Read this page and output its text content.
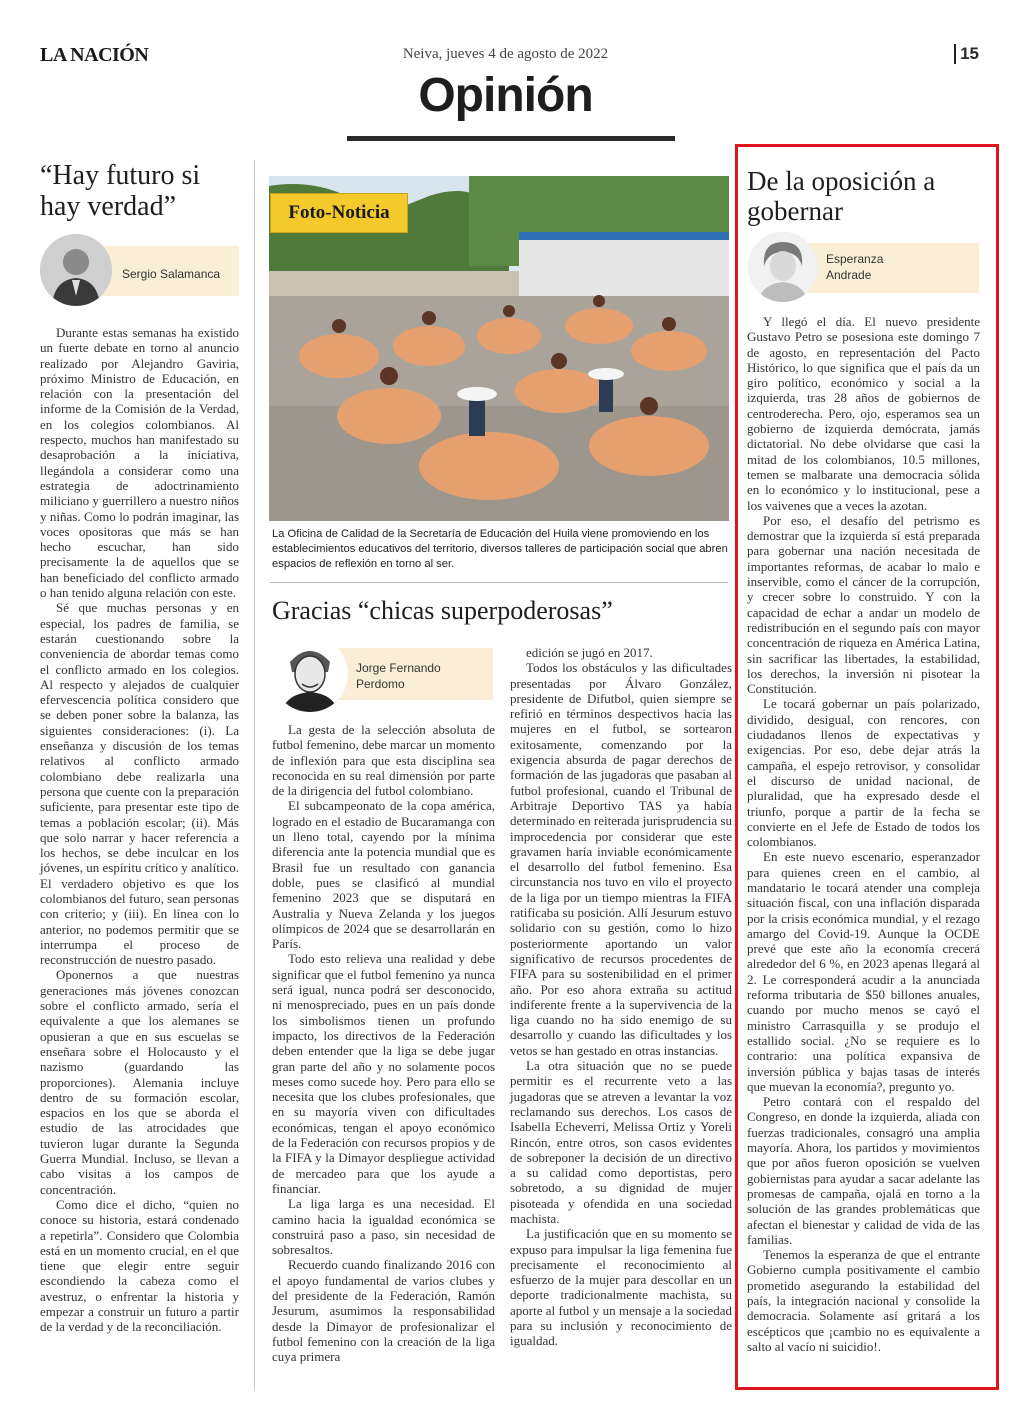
LA NACIÓN	Neiva, jueves 4 de agosto de 2022	15
Opinión
“Hay futuro si hay verdad”
Sergio Salamanca

Durante estas semanas ha existido un fuerte debate en torno al anuncio realizado por Alejandro Gaviria, próximo Ministro de Educación, en relación con la presentación del informe de la Comisión de la Verdad, en los colegios colombianos. Al respecto, muchos han manifestado su desaprobación a la iniciativa, llegándola a considerar como una estrategia de adoctrinamiento miliciano y guerrillero a nuestro niños y niñas. Como lo podrán imaginar, las voces opositoras que más se han hecho escuchar, han sido precisamente la de aquellos que se han beneficiado del conflicto armado o han tenido alguna relación con este.

Sé que muchas personas y en especial, los padres de familia, se estarán cuestionando sobre la conveniencia de abordar temas como el conflicto armado en los colegios. Al respecto y alejados de cualquier efervescencia política considero que se deben poner sobre la balanza, las siguientes consideraciones: (i). La enseñanza y discusión de los temas relativos al conflicto armado colombiano debe realizarla una persona que cuente con la preparación suficiente, para presentar este tipo de temas a población escolar; (ii). Más que solo narrar y hacer referencia a los hechos, se debe inculcar en los jóvenes, un espíritu crítico y analítico. El verdadero objetivo es que los colombianos del futuro, sean personas con criterio; y (iii). En línea con lo anterior, no podemos permitir que se interrumpa el proceso de reconstrucción de nuestro pasado.

Oponernos a que nuestras generaciones más jóvenes conozcan sobre el conflicto armado, sería el equivalente a que los alemanes se opusieran a que en sus escuelas se enseñara sobre el Holocausto y el nazismo (guardando las proporciones). Alemania incluye dentro de su formación escolar, espacios en los que se aborda el estudio de las atrocidades que tuvieron lugar durante la Segunda Guerra Mundial. Incluso, se llevan a cabo visitas a los campos de concentración.

Como dice el dicho, “quien no conoce su historia, estará condenado a repetirla”. Considero que Colombia está en un momento crucial, en el que tiene que elegir entre seguir escondiendo la cabeza como el avestruz, o enfrentar la historia y empezar a construir un futuro a partir de la verdad y de la reconciliación.

Foto-Noticia
La Oficina de Calidad de la Secretaría de Educación del Huila viene promoviendo en los establecimientos educativos del territorio, diversos talleres de participación social que abren espacios de reflexión en torno al ser.
Gracias “chicas superpoderosas”
Jorge Fernando
Perdomo

La gesta de la selección absoluta de futbol femenino, debe marcar un momento de inflexión para que esta disciplina sea reconocida en su real dimensión por parte de la dirigencia del futbol colombiano.

El subcampeonato de la copa américa, logrado en el estadio de Bucaramanga con un lleno total, cayendo por la mínima diferencia ante la potencia mundial que es Brasil fue un resultado con ganancia doble, pues se clasificó al mundial femenino 2023 que se disputará en Australia y Nueva Zelanda y los juegos olímpicos de 2024 que se desarrollarán en París.

Todo esto relieva una realidad y debe significar que el futbol femenino ya nunca será igual, nunca podrá ser desconocido, ni menospreciado, pues en un país donde los simbolismos tienen un profundo impacto, los directivos de la Federación deben entender que la liga se debe jugar gran parte del año y no solamente pocos meses como sucede hoy. Pero para ello se necesita que los clubes profesionales, que en su mayoría viven con dificultades económicas, tengan el apoyo económico de la Federación con recursos propios y de la FIFA y la Dimayor despliegue actividad de mercadeo para que los ayude a financiar.

La liga larga es una necesidad. El camino hacia la igualdad económica se construirá paso a paso, sin necesidad de sobresaltos.

Recuerdo cuando finalizando 2016 con el apoyo fundamental de varios clubes y del presidente de la Federación, Ramón Jesurum, asumimos la responsabilidad desde la Dimayor de profesionalizar el futbol femenino con la creación de la liga cuya primera

edición se jugó en 2017.

Todos los obstáculos y las dificultades presentadas por Álvaro González, presidente de Difutbol, quien siempre se refirió en términos despectivos hacia las mujeres en el futbol, se sortearon exitosamente, comenzando por la exigencia absurda de pagar derechos de formación de las jugadoras que pasaban al futbol profesional, cuando el Tribunal de Arbitraje Deportivo TAS ya había determinado en reiterada jurisprudencia su improcedencia por considerar que este gravamen haría inviable económicamente el desarrollo del futbol femenino. Esa circunstancia nos tuvo en vilo el proyecto de la liga por un tiempo mientras la FIFA ratificaba su posición. Allí Jesurum estuvo solidario con su gestión, como lo hizo posteriormente aportando un valor significativo de recursos procedentes de FIFA para su sostenibilidad en el primer año. Por eso ahora extraña su actitud indiferente frente a la supervivencia de la liga cuando no ha sido enemigo de su desarrollo y cuando las dificultades y los vetos se han gestado en otras instancias.

La otra situación que no se puede permitir es el recurrente veto a las jugadoras que se atreven a levantar la voz reclamando sus derechos. Los casos de Isabella Echeverri, Melissa Ortiz y Yoreli Rincón, entre otros, son casos evidentes de sobreponer la decisión de un directivo a su calidad como deportistas, pero sobretodo, a su dignidad de mujer pisoteada y ofendida en una sociedad machista.

La justificación que en su momento se expuso para impulsar la liga femenina fue precisamente el reconocimiento al esfuerzo de la mujer para descollar en un deporte tradicionalmente machista, su aporte al futbol y un mensaje a la sociedad para su inclusión y reconocimiento de igualdad.

De la oposición a gobernar
Esperanza
Andrade

Y llegó el día. El nuevo presidente Gustavo Petro se posesiona este domingo 7 de agosto, en representación del Pacto Histórico, lo que significa que el país da un giro político, económico y social a la izquierda, tras 28 años de gobiernos de centroderecha. Pero, ojo, esperamos sea un gobierno de izquierda demócrata, jamás dictatorial. No debe olvidarse que casi la mitad de los colombianos, 10.5 millones, temen se malbarate una democracia sólida en lo económico y lo institucional, pese a los vaivenes que a veces la azotan.

Por eso, el desafío del petrismo es demostrar que la izquierda sí está preparada para gobernar una nación necesitada de importantes reformas, de acabar lo malo e inservible, como el cáncer de la corrupción, y crecer sobre lo construido. Y con la capacidad de echar a andar un modelo de redistribución en el segundo país con mayor concentración de riqueza en América Latina, sin sacrificar las libertades, la estabilidad, los derechos, la inversión ni pisotear la Constitución.

Le tocará gobernar un país polarizado, dividido, desigual, con rencores, con ciudadanos llenos de expectativas y exigencias. Por eso, debe dejar atrás la campaña, el espejo retrovisor, y consolidar el discurso de unidad nacional, de pluralidad, que ha expresado desde el triunfo, porque a partir de la fecha se convierte en el Jefe de Estado de todos los colombianos.

En este nuevo escenario, esperanzador para quienes creen en el cambio, al mandatario le tocará atender una compleja situación fiscal, con una inflación disparada por la crisis económica mundial, y el rezago amargo del Covid-19. Aunque la OCDE prevé que este año la economía crecerá alrededor del 6 %, en 2023 apenas llegará al 2. Le corresponderá acudir a la anunciada reforma tributaria de $50 billones anuales, cuando por mucho menos se cayó el ministro Carrasquilla y se produjo el estallido social. ¿No se requiere es lo contrario: una política expansiva de inversión pública y bajas tasas de interés que muevan la economía?, pregunto yo.

Petro contará con el respaldo del Congreso, en donde la izquierda, aliada con fuerzas tradicionales, consagró una amplia mayoría. Ahora, los partidos y movimientos que por años fueron oposición se vuelven gobiernistas para ayudar a sacar adelante las promesas de campaña, ojalá en torno a la solución de las grandes problemáticas que afectan el bienestar y calidad de vida de las familias.

Tenemos la esperanza de que el entrante Gobierno cumpla positivamente el cambio prometido asegurando la estabilidad del país, la integración nacional y consolide la democracia. Solamente así gritará a los escépticos que ¡cambio no es equivalente a salto al vacío ni suicidio!.
